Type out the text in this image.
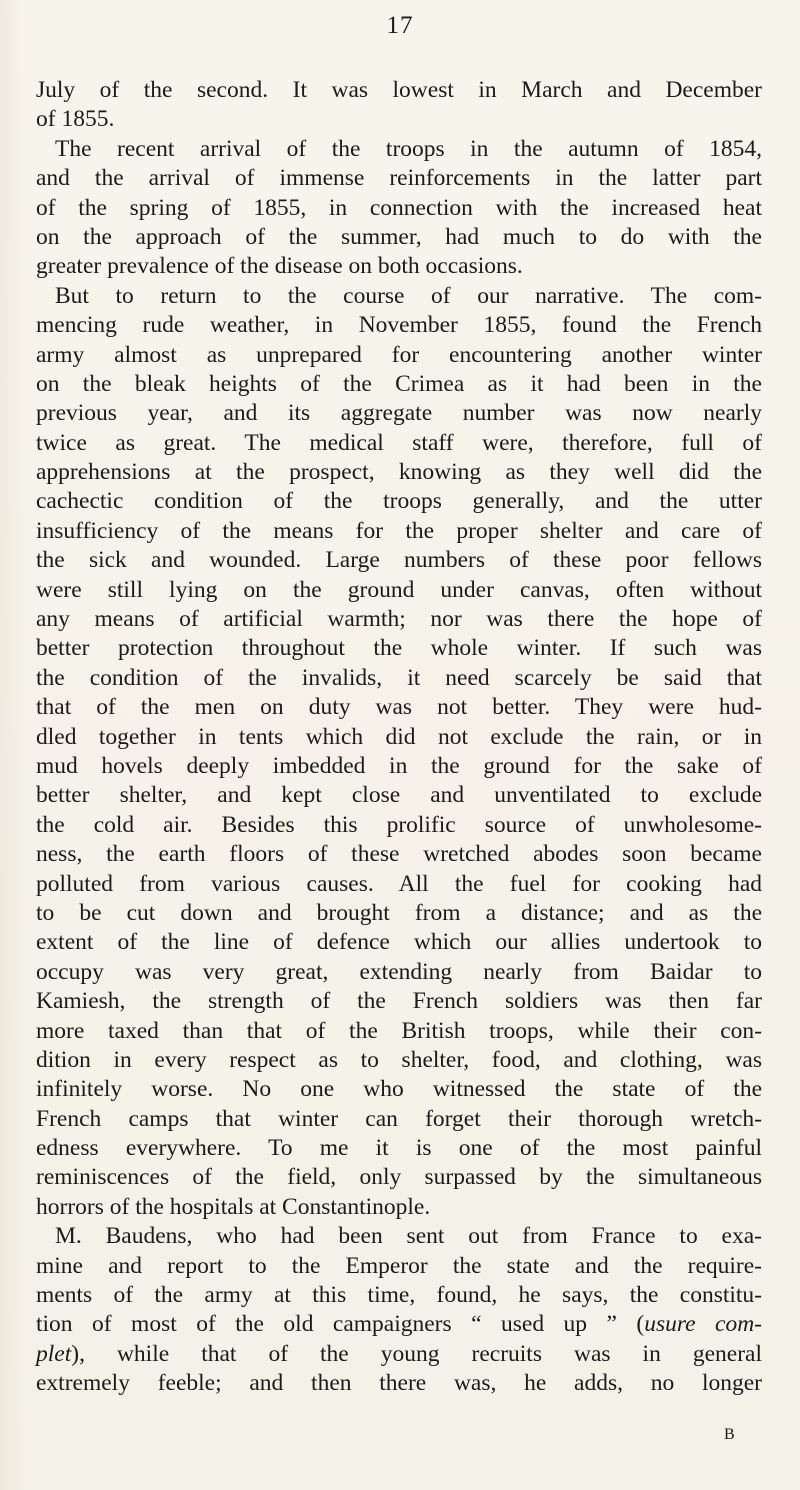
17
July of the second. It was lowest in March and December
of 1855.
The recent arrival of the troops in the autumn of 1854,
and the arrival of immense reinforcements in the latter part
of the spring of 1855, in connection with the increased heat
on the approach of the summer, had much to do with the
greater prevalence of the disease on both occasions.
But to return to the course of our narrative. The com-
mencing rude weather, in November 1855, found the French
army almost as unprepared for encountering another winter
on the bleak heights of the Crimea as it had been in the
previous year, and its aggregate number was now nearly
twice as great. The medical staff were, therefore, full of
apprehensions at the prospect, knowing as they well did the
cachectic condition of the troops generally, and the utter
insufficiency of the means for the proper shelter and care of
the sick and wounded. Large numbers of these poor fellows
were still lying on the ground under canvas, often without
any means of artificial warmth; nor was there the hope of
better protection throughout the whole winter. If such was
the condition of the invalids, it need scarcely be said that
that of the men on duty was not better. They were hud-
dled together in tents which did not exclude the rain, or in
mud hovels deeply imbedded in the ground for the sake of
better shelter, and kept close and unventilated to exclude
the cold air. Besides this prolific source of unwholesome-
ness, the earth floors of these wretched abodes soon became
polluted from various causes. All the fuel for cooking had
to be cut down and brought from a distance; and as the
extent of the line of defence which our allies undertook to
occupy was very great, extending nearly from Baidar to
Kamiesh, the strength of the French soldiers was then far
more taxed than that of the British troops, while their con-
dition in every respect as to shelter, food, and clothing, was
infinitely worse. No one who witnessed the state of the
French camps that winter can forget their thorough wretch-
edness everywhere. To me it is one of the most painful
reminiscences of the field, only surpassed by the simultaneous
horrors of the hospitals at Constantinople.
M. Baudens, who had been sent out from France to exa-
mine and report to the Emperor the state and the require-
ments of the army at this time, found, he says, the constitu-
tion of most of the old campaigners “ used up ” (usure com-
plet), while that of the young recruits was in general
extremely feeble; and then there was, he adds, no longer
B
